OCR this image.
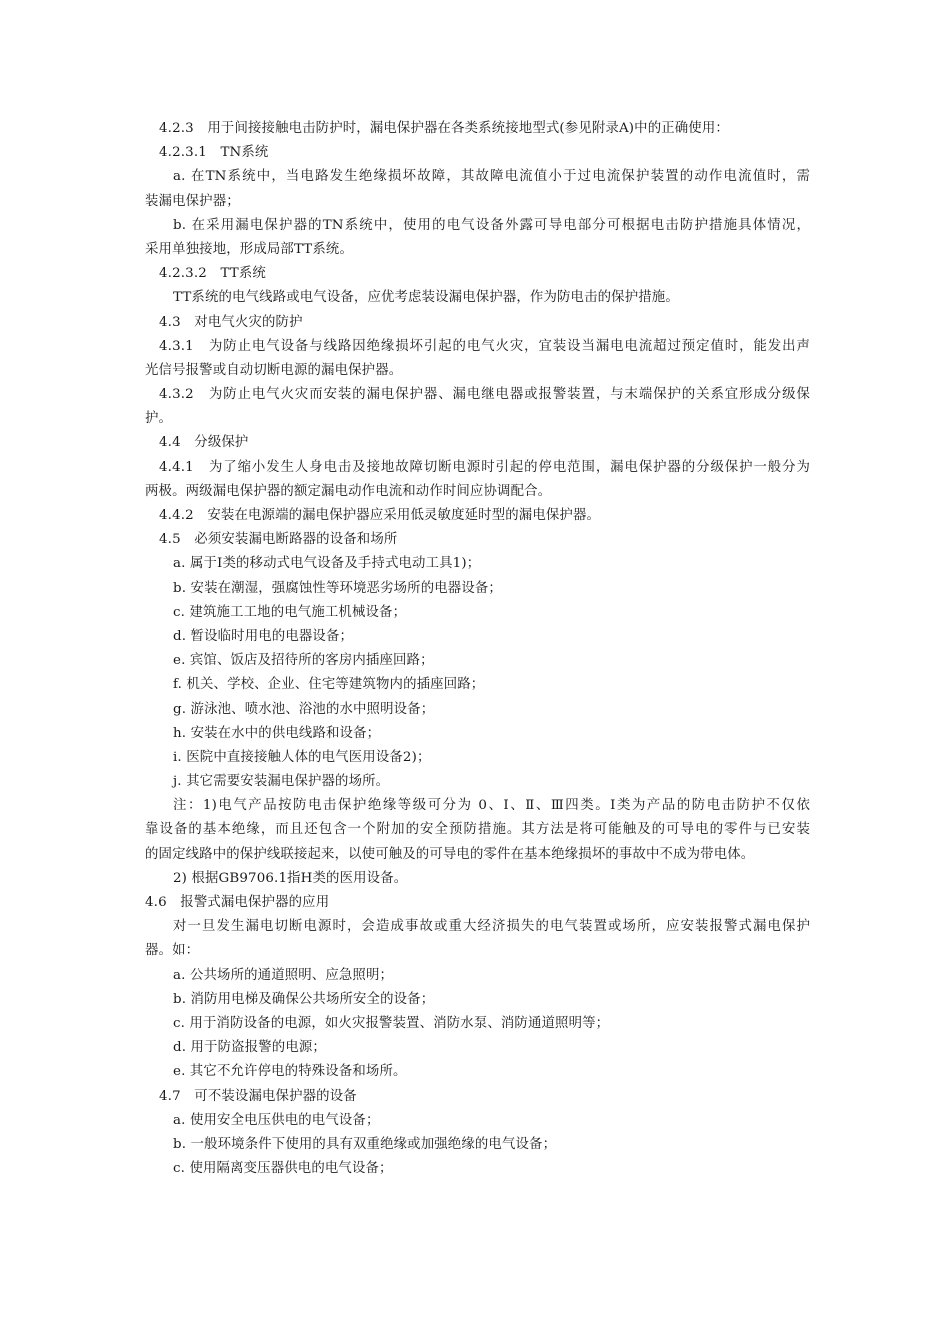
4.2.3　用于间接接触电击防护时，漏电保护器在各类系统接地型式(参见附录A)中的正确使用：
4.2.3.1　TN系统
a. 在TN系统中，当电路发生绝缘损坏故障，其故障电流值小于过电流保护装置的动作电流值时，需
装漏电保护器；
b. 在采用漏电保护器的TN系统中，使用的电气设备外露可导电部分可根据电击防护措施具体情况，
采用单独接地，形成局部TT系统。
4.2.3.2　TT系统
TT系统的电气线路或电气设备，应优考虑装设漏电保护器，作为防电击的保护措施。
4.3　对电气火灾的防护
4.3.1　为防止电气设备与线路因绝缘损坏引起的电气火灾，宜装设当漏电电流超过预定值时，能发出声
光信号报警或自动切断电源的漏电保护器。
4.3.2　为防止电气火灾而安装的漏电保护器、漏电继电器或报警装置，与末端保护的关系宜形成分级保
护。
4.4　分级保护
4.4.1　为了缩小发生人身电击及接地故障切断电源时引起的停电范围，漏电保护器的分级保护一般分为
两极。两级漏电保护器的额定漏电动作电流和动作时间应协调配合。
4.4.2　安装在电源端的漏电保护器应采用低灵敏度延时型的漏电保护器。
4.5　必须安装漏电断路器的设备和场所
a. 属于Ⅰ类的移动式电气设备及手持式电动工具1)；
b. 安装在潮湿，强腐蚀性等环境恶劣场所的电器设备；
c. 建筑施工工地的电气施工机械设备；
d. 暂设临时用电的电器设备；
e. 宾馆、饭店及招待所的客房内插座回路；
f. 机关、学校、企业、住宅等建筑物内的插座回路；
g. 游泳池、喷水池、浴池的水中照明设备；
h. 安装在水中的供电线路和设备；
i. 医院中直接接触人体的电气医用设备2)；
j. 其它需要安装漏电保护器的场所。
注：1)电气产品按防电击保护绝缘等级可分为 0、Ⅰ、Ⅱ、Ⅲ四类。Ⅰ类为产品的防电击防护不仅依
靠设备的基本绝缘，而且还包含一个附加的安全预防措施。其方法是将可能触及的可导电的零件与已安装
的固定线路中的保护线联接起来，以使可触及的可导电的零件在基本绝缘损坏的事故中不成为带电体。
2) 根据GB9706.1指H类的医用设备。
4.6　报警式漏电保护器的应用
对一旦发生漏电切断电源时，会造成事故或重大经济损失的电气装置或场所，应安装报警式漏电保护
器。如：
a. 公共场所的通道照明、应急照明；
b. 消防用电梯及确保公共场所安全的设备；
c. 用于消防设备的电源，如火灾报警装置、消防水泵、消防通道照明等；
d. 用于防盗报警的电源；
e. 其它不允许停电的特殊设备和场所。
4.7　可不装设漏电保护器的设备
a. 使用安全电压供电的电气设备；
b. 一般环境条件下使用的具有双重绝缘或加强绝缘的电气设备；
c. 使用隔离变压器供电的电气设备；
